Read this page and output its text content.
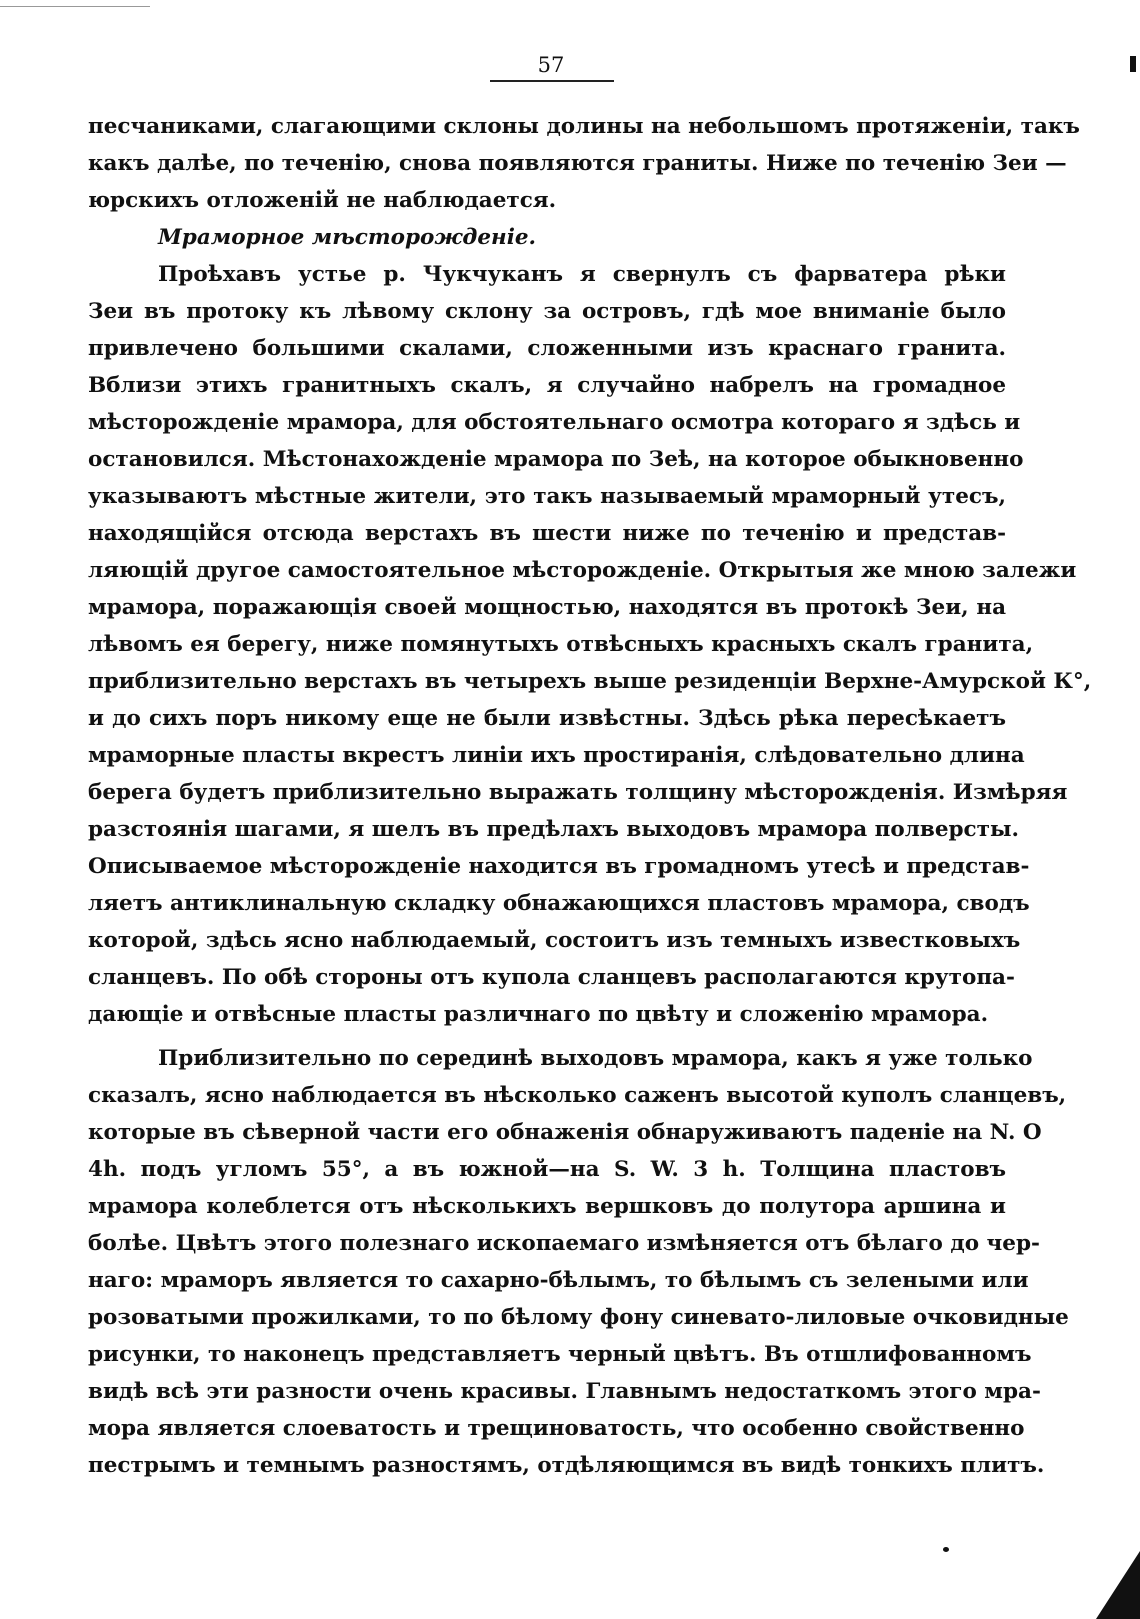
57
песчаниками, слагающими склоны долины на небольшомъ протяженіи, такъ
какъ далѣе, по теченію, снова появляются граниты. Ниже по теченію Зеи —
юрскихъ отложеній не наблюдается.
Мраморное мѣсторожденіе.
Проѣхавъ устье р. Чукчуканъ я свернулъ съ фарватера рѣки
Зеи въ протоку къ лѣвому склону за островъ, гдѣ мое вниманіе было
привлечено большими скалами, сложенными изъ краснаго гранита.
Вблизи этихъ гранитныхъ скалъ, я случайно набрелъ на громадное
мѣсторожденіе мрамора, для обстоятельнаго осмотра котораго я здѣсь и
остановился. Мѣстонахожденіе мрамора по Зеѣ, на которое обыкновенно
указываютъ мѣстные жители, это такъ называемый мраморный утесъ,
находящійся отсюда верстахъ въ шести ниже по теченію и представ-
ляющій другое самостоятельное мѣсторожденіе. Открытыя же мною залежи
мрамора, поражающія своей мощностью, находятся въ протокѣ Зеи, на
лѣвомъ ея берегу, ниже помянутыхъ отвѣсныхъ красныхъ скалъ гранита,
приблизительно верстахъ въ четырехъ выше резиденціи Верхне-Амурской К°,
и до сихъ поръ никому еще не были извѣстны. Здѣсь рѣка пересѣкаетъ
мраморные пласты вкрестъ линіи ихъ простиранія, слѣдовательно длина
берега будетъ приблизительно выражать толщину мѣсторожденія. Измѣряя
разстоянія шагами, я шелъ въ предѣлахъ выходовъ мрамора полверсты.
Описываемое мѣсторожденіе находится въ громадномъ утесѣ и представ-
ляетъ антиклинальную складку обнажающихся пластовъ мрамора, сводъ
которой, здѣсь ясно наблюдаемый, состоитъ изъ темныхъ известковыхъ
сланцевъ. По обѣ стороны отъ купола сланцевъ располагаются крутопа-
дающіе и отвѣсные пласты различнаго по цвѣту и сложенію мрамора.
Приблизительно по серединѣ выходовъ мрамора, какъ я уже только
сказалъ, ясно наблюдается въ нѣсколько саженъ высотой куполъ сланцевъ,
которые въ сѣверной части его обнаженія обнаруживаютъ паденіе на N. O
4h. подъ угломъ 55°, а въ южной—на S. W. 3 h. Толщина пластовъ
мрамора колеблется отъ нѣсколькихъ вершковъ до полутора аршина и
болѣе. Цвѣтъ этого полезнаго ископаемаго измѣняется отъ бѣлаго до чер-
наго: мраморъ является то сахарно-бѣлымъ, то бѣлымъ съ зелеными или
розоватыми прожилками, то по бѣлому фону синевато-лиловые очковидные
рисунки, то наконецъ представляетъ черный цвѣтъ. Въ отшлифованномъ
видѣ всѣ эти разности очень красивы. Главнымъ недостаткомъ этого мра-
мора является слоеватость и трещиноватость, что особенно свойственно
пестрымъ и темнымъ разностямъ, отдѣляющимся въ видѣ тонкихъ плитъ.
